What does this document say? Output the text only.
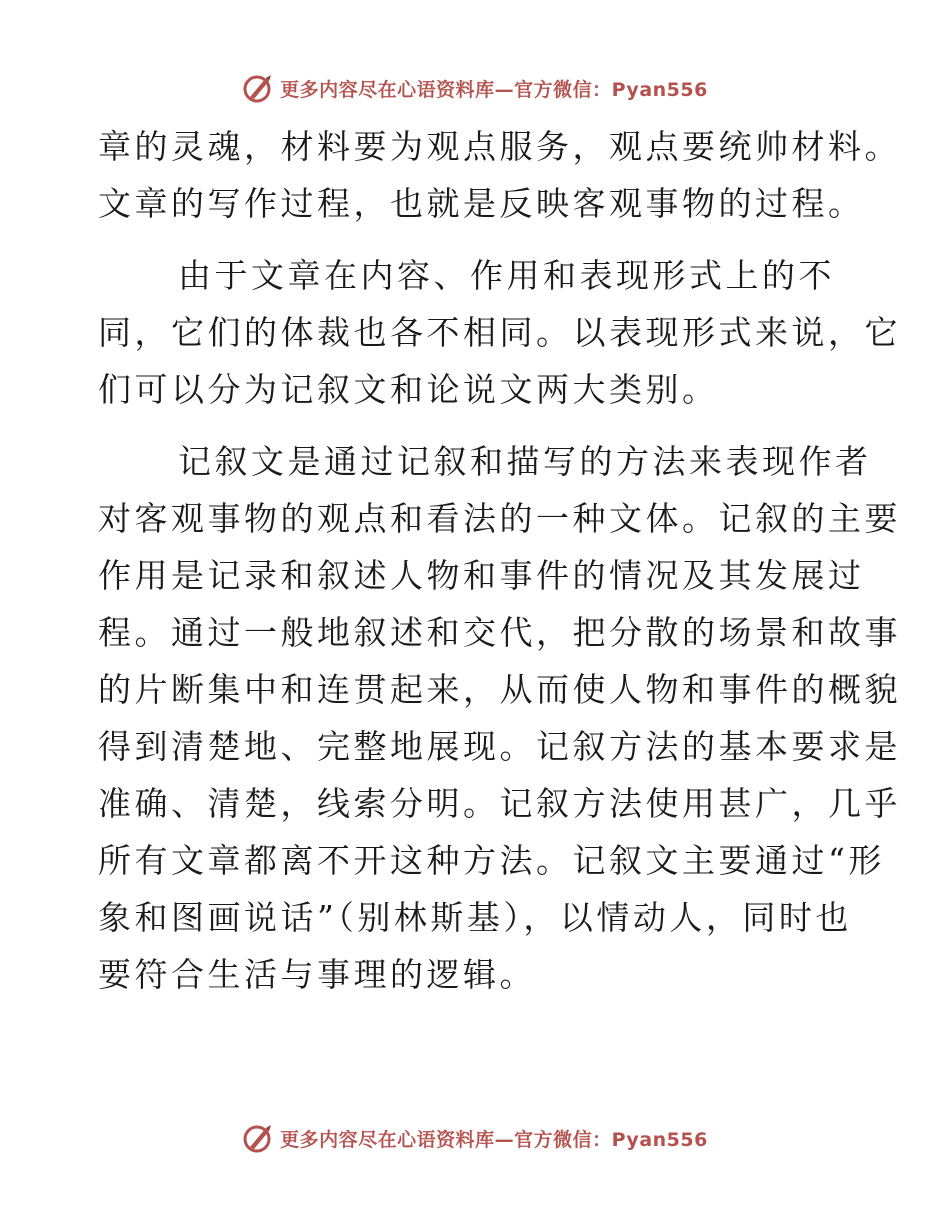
更多内容尽在心语资料库—官方微信：Pyan556
章的灵魂，材料要为观点服务，观点要统帅材料。
文章的写作过程，也就是反映客观事物的过程。
由于文章在内容、作用和表现形式上的不
同，它们的体裁也各不相同。以表现形式来说，它
们可以分为记叙文和论说文两大类别。
记叙文是通过记叙和描写的方法来表现作者
对客观事物的观点和看法的一种文体。记叙的主要
作用是记录和叙述人物和事件的情况及其发展过
程。通过一般地叙述和交代，把分散的场景和故事
的片断集中和连贯起来，从而使人物和事件的概貌
得到清楚地、完整地展现。记叙方法的基本要求是
准确、清楚，线索分明。记叙方法使用甚广，几乎
所有文章都离不开这种方法。记叙文主要通过“形
象和图画说话”（别林斯基），以情动人，同时也
要符合生活与事理的逻辑。
更多内容尽在心语资料库—官方微信：Pyan556
